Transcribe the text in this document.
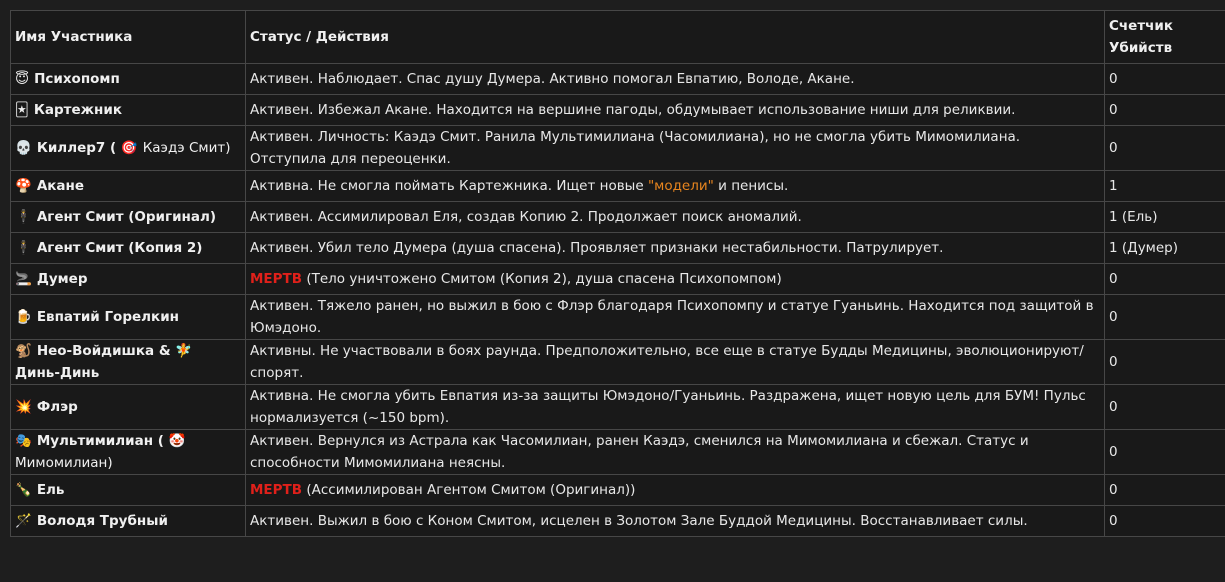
Имя Участника	Статус / Действия	Счетчик Убийств
😇 Психопомп	Активен. Наблюдает. Спас душу Думера. Активно помогал Евпатию, Володе, Акане.	0
🃏 Картежник	Активен. Избежал Акане. Находится на вершине пагоды, обдумывает использование ниши для реликвии.	0
💀 Киллер7 ( 🎯 Каэдэ Смит)	Активен. Личность: Каэдэ Смит. Ранила Мультимилиана (Часомилиана), но не смогла убить Мимомилиана. Отступила для переоценки.	0
🍄 Акане	Активна. Не смогла поймать Картежника. Ищет новые "модели" и пенисы.	1
🕴 Агент Смит (Оригинал)	Активен. Ассимилировал Еля, создав Копию 2. Продолжает поиск аномалий.	1 (Ель)
🕴 Агент Смит (Копия 2)	Активен. Убил тело Думера (душа спасена). Проявляет признаки нестабильности. Патрулирует.	1 (Думер)
🚬 Думер	МЕРТВ (Тело уничтожено Смитом (Копия 2), душа спасена Психопомпом)	0
🍺 Евпатий Горелкин	Активен. Тяжело ранен, но выжил в бою с Флэр благодаря Психопомпу и статуе Гуаньинь. Находится под защитой в Юмэдоно.	0
🐒 Нео-Войдишка & 🧚Динь-Динь	Активны. Не участвовали в боях раунда. Предположительно, все еще в статуе Будды Медицины, эволюционируют/спорят.	0
💥 Флэр	Активна. Не смогла убить Евпатия из-за защиты Юмэдоно/Гуаньинь. Раздражена, ищет новую цель для БУМ! Пульс нормализуется (~150 bpm).	0
🎭 Мультимилиан ( 🤡Мимомилиан)	Активен. Вернулся из Астрала как Часомилиан, ранен Каэдэ, сменился на Мимомилиана и сбежал. Статус и способности Мимомилиана неясны.	0
🍾 Ель	МЕРТВ (Ассимилирован Агентом Смитом (Оригинал))	0
🪄 Володя Трубный	Активен. Выжил в бою с Коном Смитом, исцелен в Золотом Зале Буддой Медицины. Восстанавливает силы.	0
